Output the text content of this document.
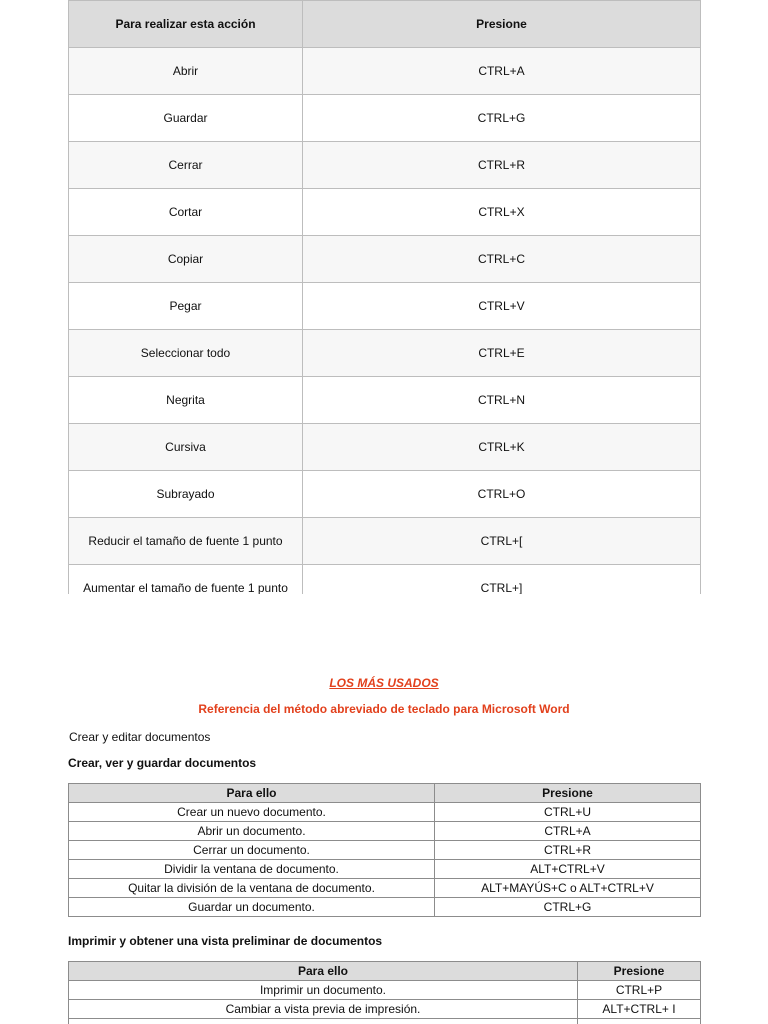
Para realizar esta acción	Presione
Abrir	CTRL+A
Guardar	CTRL+G
Cerrar	CTRL+R
Cortar	CTRL+X
Copiar	CTRL+C
Pegar	CTRL+V
Seleccionar todo	CTRL+E
Negrita	CTRL+N
Cursiva	CTRL+K
Subrayado	CTRL+O
Reducir el tamaño de fuente 1 punto	CTRL+[
Aumentar el tamaño de fuente 1 punto	CTRL+]
LOS MÁS USADOS
Referencia del método abreviado de teclado para Microsoft Word
Crear y editar documentos
Crear, ver y guardar documentos
Para ello	Presione
Crear un nuevo documento.	CTRL+U
Abrir un documento.	CTRL+A
Cerrar un documento.	CTRL+R
Dividir la ventana de documento.	ALT+CTRL+V
Quitar la división de la ventana de documento.	ALT+MAYÚS+C o ALT+CTRL+V
Guardar un documento.	CTRL+G
Imprimir y obtener una vista preliminar de documentos
Para ello	Presione
Imprimir un documento.	CTRL+P
Cambiar a vista previa de impresión.	ALT+CTRL+ I
